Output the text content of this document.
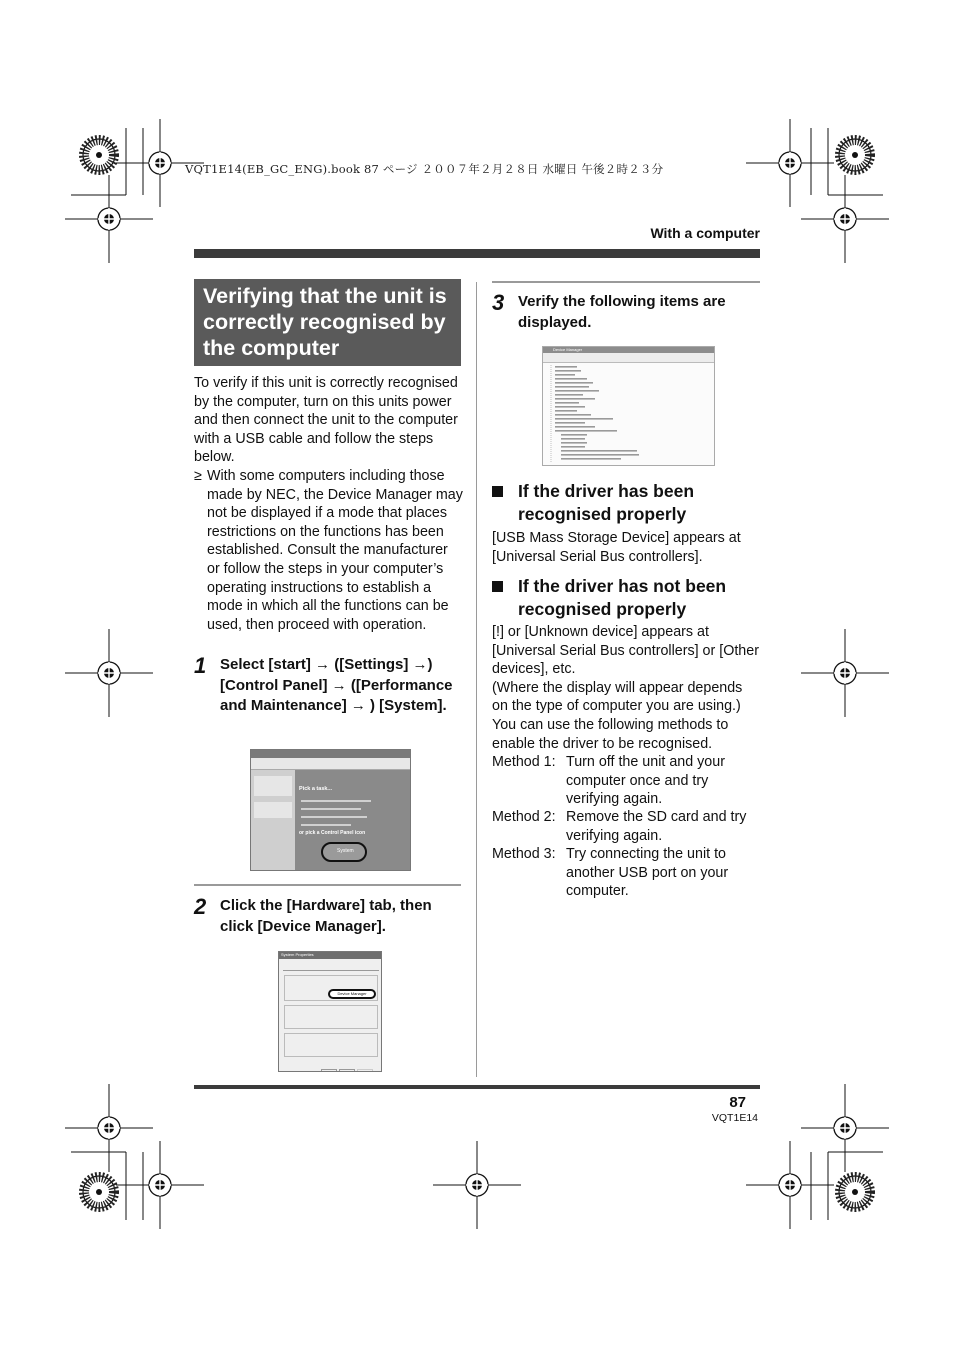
VQT1E14(EB_GC_ENG).book 87 ページ ２００７年２月２８日 水曜日 午後２時２３分
With a computer
Verifying that the unit is correctly recognised by the computer
To verify if this unit is correctly recognised by the computer, turn on this units power and then connect the unit to the computer with a USB cable and follow the steps below.
≥ With some computers including those made by NEC, the Device Manager may not be displayed if a mode that places restrictions on the functions has been established. Consult the manufacturer or follow the steps in your computer’s operating instructions to establish a mode in which all the functions can be used, then proceed with operation.
1 Select [start] → ([Settings] →) [Control Panel] → ([Performance and Maintenance] → ) [System].
Pick a task...
or pick a Control Panel icon
System
2 Click the [Hardware] tab, then click [Device Manager].
System Properties
Device Manager
3 Verify the following items are displayed.
Device Manager
If the driver has been recognised properly
[USB Mass Storage Device] appears at [Universal Serial Bus controllers].
If the driver has not been recognised properly
[!] or [Unknown device] appears at [Universal Serial Bus controllers] or [Other devices], etc.
(Where the display will appear depends on the type of computer you are using.)
You can use the following methods to enable the driver to be recognised.
Method 1: Turn off the unit and your computer once and try verifying again.
Method 2: Remove the SD card and try verifying again.
Method 3: Try connecting the unit to another USB port on your computer.
87
VQT1E14
